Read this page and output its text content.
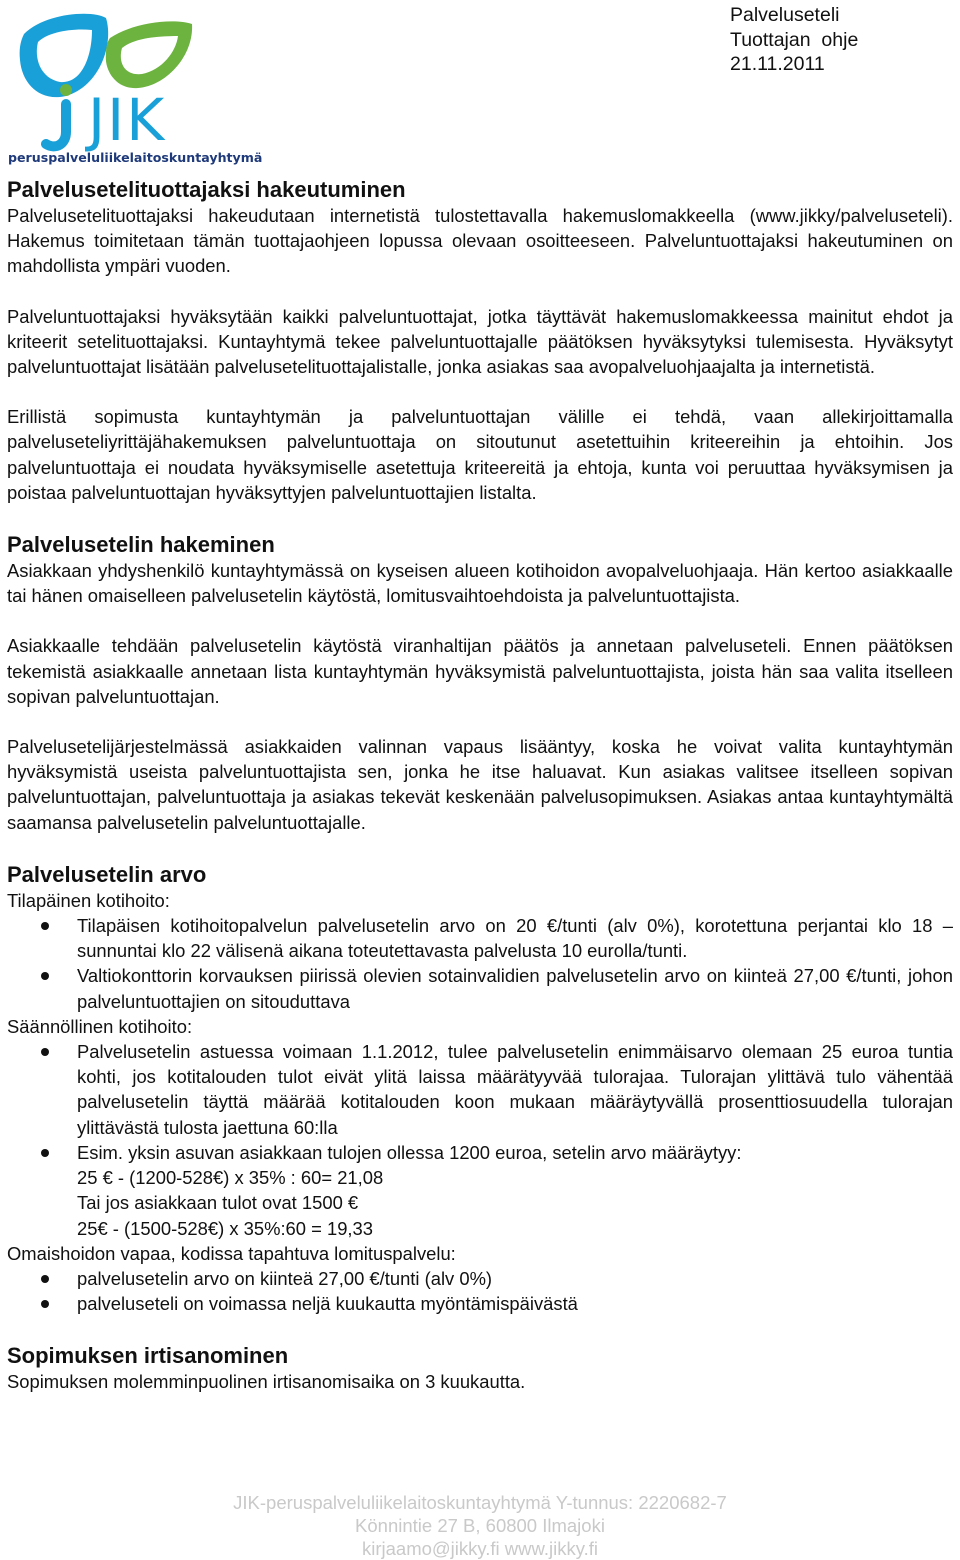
JIK
peruspalveluliikelaitoskuntayhtymä
Palveluseteli
Tuottajan  ohje
21.11.2011
Palvelusetelituottajaksi hakeutuminen

Palvelusetelituottajaksi hakeudutaan internetistä tulostettavalla hakemuslomakkeella (www.jikky/palveluseteli). Hakemus toimitetaan tämän tuottajaohjeen lopussa olevaan osoitteeseen. Palveluntuottajaksi hakeutuminen on mahdollista ympäri vuoden.

Palveluntuottajaksi hyväksytään kaikki palveluntuottajat, jotka täyttävät hakemuslomakkeessa mainitut ehdot ja kriteerit setelituottajaksi. Kuntayhtymä tekee palveluntuottajalle päätöksen hyväksytyksi tulemisesta. Hyväksytyt palveluntuottajat lisätään palvelusetelituottajalistalle, jonka asiakas saa avopalveluohjaajalta ja internetistä.

Erillistä sopimusta kuntayhtymän ja palveluntuottajan välille ei tehdä, vaan allekirjoittamalla palveluseteliyrittäjähakemuksen palveluntuottaja on sitoutunut asetettuihin kriteereihin ja ehtoihin. Jos palveluntuottaja ei noudata hyväksymiselle asetettuja kriteereitä ja ehtoja, kunta voi peruuttaa hyväksymisen ja poistaa palveluntuottajan hyväksyttyjen palveluntuottajien listalta.

Palvelusetelin hakeminen

Asiakkaan yhdyshenkilö kuntayhtymässä on kyseisen alueen kotihoidon avopalveluohjaaja. Hän kertoo asiakkaalle tai hänen omaiselleen palvelusetelin käytöstä, lomitusvaihtoehdoista ja palveluntuottajista.

Asiakkaalle tehdään palvelusetelin käytöstä viranhaltijan päätös ja annetaan palveluseteli. Ennen päätöksen tekemistä asiakkaalle annetaan lista kuntayhtymän hyväksymistä palveluntuottajista, joista hän saa valita itselleen sopivan palveluntuottajan.

Palvelusetelijärjestelmässä asiakkaiden valinnan vapaus lisääntyy, koska he voivat valita kuntayhtymän hyväksymistä useista palveluntuottajista sen, jonka he itse haluavat. Kun asiakas valitsee itselleen sopivan palveluntuottajan, palveluntuottaja ja asiakas tekevät keskenään palvelusopimuksen. Asiakas antaa kuntayhtymältä saamansa palvelusetelin palveluntuottajalle.

Palvelusetelin arvo
Tilapäinen kotihoito:
Tilapäisen kotihoitopalvelun palvelusetelin arvo on 20 €/tunti (alv 0%), korotettuna perjantai klo 18 – sunnuntai klo 22 välisenä aikana toteutettavasta palvelusta 10 eurolla/tunti.
Valtiokonttorin korvauksen piirissä olevien sotainvalidien palvelusetelin arvo on kiinteä 27,00 €/tunti, johon palveluntuottajien on sitouduttava
Säännöllinen kotihoito:
Palvelusetelin astuessa voimaan 1.1.2012, tulee palvelusetelin enimmäisarvo olemaan 25 euroa tuntia kohti, jos kotitalouden tulot eivät ylitä laissa määrätyyvää tulorajaa. Tulorajan ylittävä tulo vähentää palvelusetelin täyttä määrää kotitalouden koon mukaan määräytyvällä prosenttiosuudella tulorajan ylittävästä tulosta jaettuna 60:lla
Esim. yksin asuvan asiakkaan tulojen ollessa 1200 euroa, setelin arvo määräytyy:
25 € - (1200-528€) x 35% : 60= 21,08
Tai jos asiakkaan tulot ovat 1500 €
25€ - (1500-528€) x 35%:60 = 19,33
Omaishoidon vapaa, kodissa tapahtuva lomituspalvelu:
palvelusetelin arvo on kiinteä 27,00 €/tunti (alv 0%)
palveluseteli on voimassa neljä kuukautta myöntämispäivästä
Sopimuksen irtisanominen

Sopimuksen molemminpuolinen irtisanomisaika on 3 kuukautta.

JIK-peruspalveluliikelaitoskuntayhtymä Y-tunnus: 2220682-7
Könnintie 27 B, 60800 Ilmajoki
kirjaamo@jikky.fi www.jikky.fi
